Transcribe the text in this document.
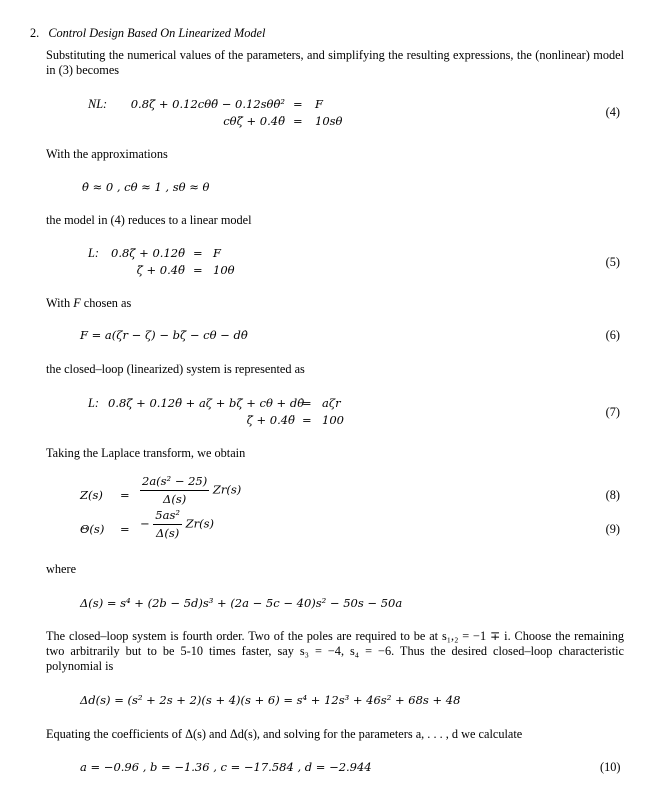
2. Control Design Based On Linearized Model
Substituting the numerical values of the parameters, and simplifying the resulting expressions, the (nonlinear) model in (3) becomes
NL:	0.8ζ̈ + 0.12cθθ̈ − 0.12sθθ̇² = F
cθζ̈ + 0.4θ̈ = 10sθ
(4)
With the approximations
θ̇ ≈ 0 , cθ ≈ 1 , sθ ≈ θ
the model in (4) reduces to a linear model
L: 0.8ζ̈ + 0.12θ̈ = F
ζ̈ + 0.4θ̈ = 10θ
(5)
With F chosen as
F = a(ζr − ζ) − bζ̇ − cθ − dθ̇	(6)
the closed–loop (linearized) system is represented as
L: 0.8ζ̈ + 0.12θ̈ + aζ + bζ̇ + cθ + dθ̇
= aζr
ζ̈ + 0.4θ̈ = 100
(7)
Taking the Laplace transform, we obtain
Z(s)	= $\frac{\text{2a(s² − 25)}}{\Delta(s)} Zr(s)$	(8)
Θ(s)	= − $\frac{\text{5as²}}{\Delta(s)} Zr(s)$	(9)
where
Δ(s) = s⁴ + (2b − 5d)s³ + (2a − 5c − 40)s² − 50s − 50a
The closed–loop system is fourth order. Two of the poles are required to be at s₁,₂ = −1 ∓ i. Choose the remaining two arbitrarily but to be 5-10 times faster, say s₃ = −4, s₄ = −6. Thus the desired closed–loop characteristic polynomial is
Δd(s) = (s² + 2s + 2)(s + 4)(s + 6) = s⁴ + 12s³ + 46s² + 68s + 48
Equating the coefficients of Δ(s) and Δd(s), and solving for the parameters a, . . . , d we calculate
a = −0.96 , b = −1.36 , c = −17.584 , d = −2.944	(10)
